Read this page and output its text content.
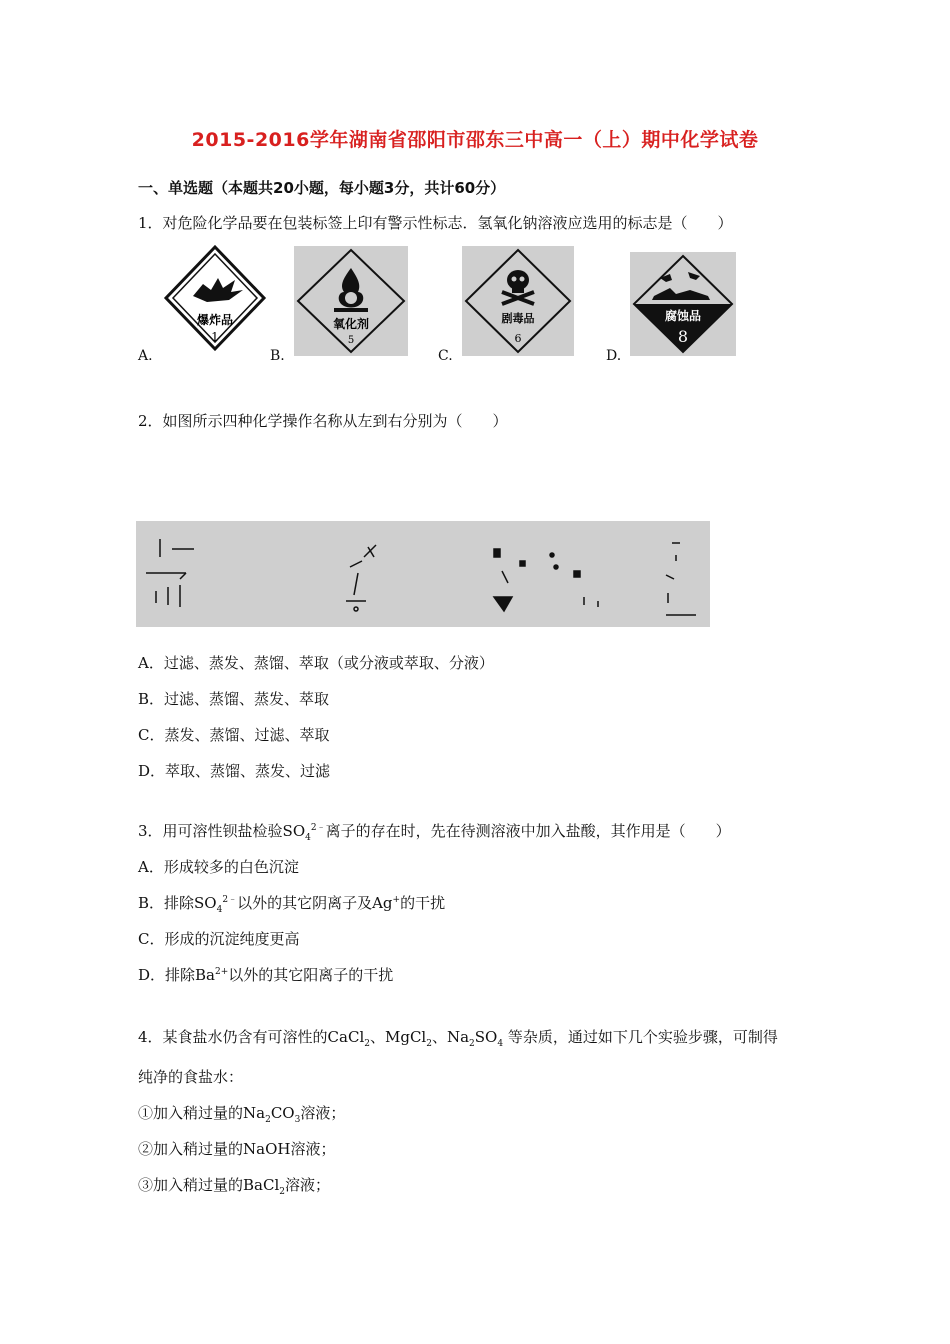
2015-2016学年湖南省邵阳市邵东三中高一（上）期中化学试卷
一、单选题（本题共20小题，每小题3分，共计60分）
1．对危险化学品要在包装标签上印有警示性标志．氢氧化钠溶液应选用的标志是（　　）
A.
爆炸品
1
B.
氧化剂
5
C.
剧毒品
6
D.
腐蚀品
8
2．如图所示四种化学操作名称从左到右分别为（　　）
A．过滤、蒸发、蒸馏、萃取（或分液或萃取、分液）
B．过滤、蒸馏、蒸发、萃取
C．蒸发、蒸馏、过滤、萃取
D．萃取、蒸馏、蒸发、过滤
3．用可溶性钡盐检验$SO_4^{2﹣}$离子的存在时，先在待测溶液中加入盐酸，其作用是（　　）
A．形成较多的白色沉淀
B．排除$SO_4^{2﹣}$以外的其它阴离子及Ag+的干扰
C．形成的沉淀纯度更高
D．排除$Ba^{2+}$以外的其它阳离子的干扰
4．某食盐水仍含有可溶性的CaCl$_2$、MgCl$_2$、$Na_2SO_4$ 等杂质，通过如下几个实验步骤，可制得
纯净的食盐水：
①加入稍过量的$Na_2CO_3$溶液；
②加入稍过量的NaOH溶液；
③加入稍过量的BaCl$_2$溶液；
